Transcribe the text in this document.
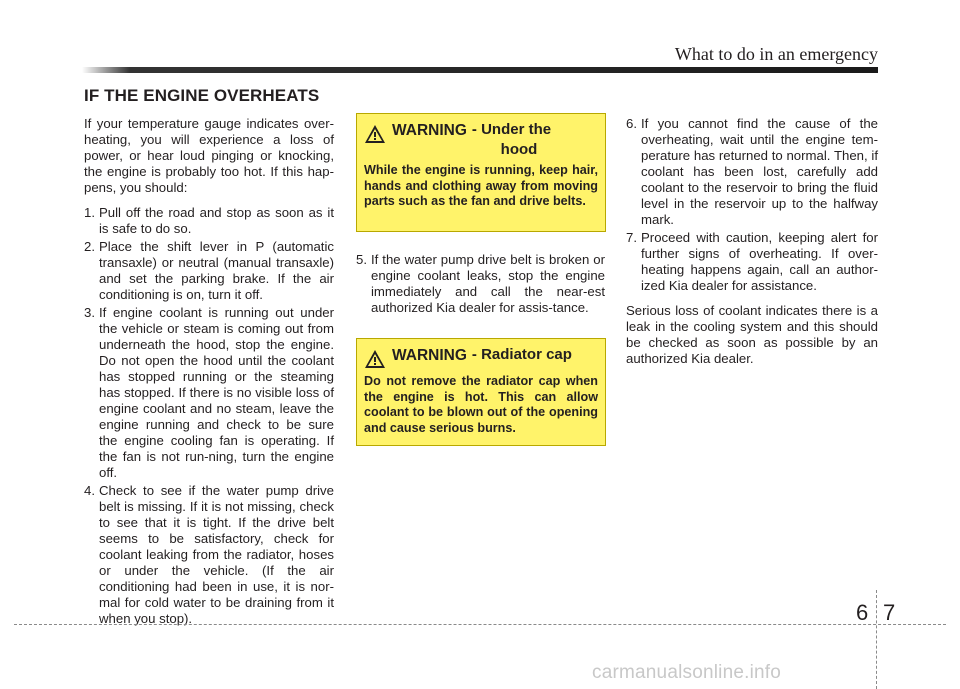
What to do in an emergency
IF THE ENGINE OVERHEATS

If your temperature gauge indicates over-heating, you will experience a loss of power, or hear loud pinging or knocking, the engine is probably too hot. If this hap-pens, you should:

1. Pull off the road and stop as soon as it is safe to do so.
2. Place the shift lever in P (automatic transaxle) or neutral (manual transaxle) and set the parking brake. If the air conditioning is on, turn it off.
3. If engine coolant is running out under the vehicle or steam is coming out from underneath the hood, stop the engine. Do not open the hood until the coolant has stopped running or the steaming has stopped. If there is no visible loss of engine coolant and no steam, leave the engine running and check to be sure the engine cooling fan is operating. If the fan is not run-ning, turn the engine off.
4. Check to see if the water pump drive belt is missing. If it is not missing, check to see that it is tight. If the drive belt seems to be satisfactory, check for coolant leaking from the radiator, hoses or under the vehicle. (If the air conditioning had been in use, it is nor-mal for cold water to be draining from it when you stop).
WARNING - Under the
hood
While the engine is running, keep hair, hands and clothing away from moving parts such as the fan and drive belts.
5. If the water pump drive belt is broken or engine coolant leaks, stop the engine immediately and call the near-est authorized Kia dealer for assis-tance.
WARNING - Radiator cap
Do not remove the radiator cap when the engine is hot. This can allow coolant to be blown out of the opening and cause serious burns.
6. If you cannot find the cause of the overheating, wait until the engine tem-perature has returned to normal. Then, if coolant has been lost, carefully add coolant to the reservoir to bring the fluid level in the reservoir up to the halfway mark.
7. Proceed with caution, keeping alert for further signs of overheating. If over-heating happens again, call an author-ized Kia dealer for assistance.

Serious loss of coolant indicates there is a leak in the cooling system and this should be checked as soon as possible by an authorized Kia dealer.

6 7
carmanualsonline.info
